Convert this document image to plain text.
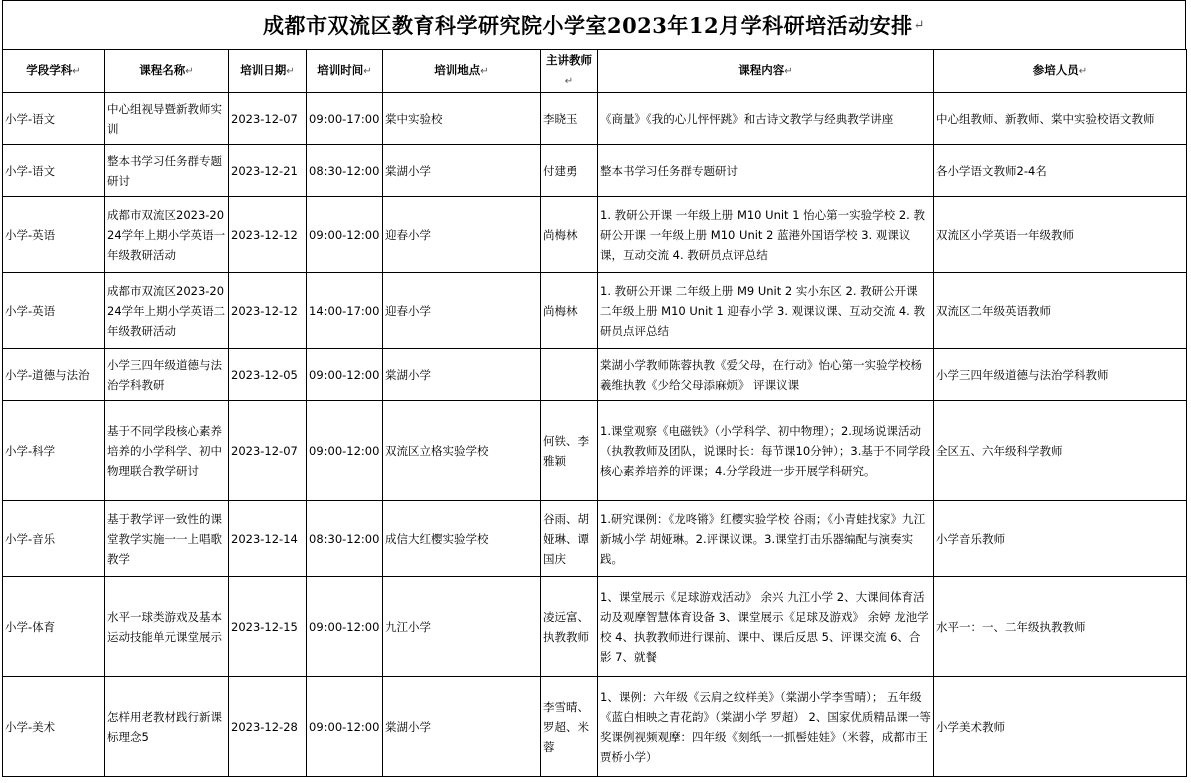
成都市双流区教育科学研究院小学室2023年12月学科研培活动安排 ↵
学段学科↵	课程名称↵	培训日期↵	培训时间↵	培训地点↵	主讲教师↵	课程内容↵	参培人员↵
小学-语文	中心组视导暨新教师实训	2023-12-07	09:00-17:00	棠中实验校	李晓玉	《商量》《我的心儿怦怦跳》和古诗文教学与经典教学讲座	中心组教师、新教师、棠中实验校语文教师
小学-语文	整本书学习任务群专题研讨	2023-12-21	08:30-12:00	棠湖小学	付建勇	整本书学习任务群专题研讨	各小学语文教师2-4名
小学-英语	成都市双流区2023-2024学年上期小学英语一年级教研活动	2023-12-12	09:00-12:00	迎春小学	尚梅林	1. 教研公开课 一年级上册 M10 Unit 1 怡心第一实验学校 2. 教研公开课 一年级上册 M10 Unit 2 蓝港外国语学校 3. 观课议课，互动交流 4. 教研员点评总结	双流区小学英语一年级教师
小学-英语	成都市双流区2023-2024学年上期小学英语二年级教研活动	2023-12-12	14:00-17:00	迎春小学	尚梅林	1. 教研公开课 二年级上册 M9 Unit 2 实小东区 2. 教研公开课 二年级上册 M10 Unit 1 迎春小学 3. 观课议课、互动交流 4. 教研员点评总结	双流区二年级英语教师
小学-道德与法治	小学三四年级道德与法治学科教研	2023-12-05	09:00-12:00	棠湖小学		棠湖小学教师陈蓉执教《爱父母，在行动》怡心第一实验学校杨羲维执教《少给父母添麻烦》 评课议课	小学三四年级道德与法治学科教师
小学-科学	基于不同学段核心素养培养的小学科学、初中物理联合教学研讨	2023-12-07	09:00-12:00	双流区立格实验学校	何铁、李雅颖	1.课堂观察《电磁铁》（小学科学、初中物理）；2.现场说课活动（执教教师及团队，说课时长：每节课10分钟）；3.基于不同学段核心素养培养的评课；4.分学段进一步开展学科研究。	全区五、六年级科学教师
小学-音乐	基于教学评一致性的课堂教学实施一一上唱歌教学	2023-12-14	08:30-12:00	成信大红樱实验学校	谷雨、胡娅琳、谭国庆	1.研究课例：《龙咚锵》红樱实验学校 谷雨；《小青蛙找家》九江新城小学 胡娅琳。2.评课议课。3.课堂打击乐器编配与演奏实践。	小学音乐教师
小学-体育	水平一球类游戏及基本运动技能单元课堂展示	2023-12-15	09:00-12:00	九江小学	凌远富、执教教师	1、课堂展示《足球游戏活动》 余兴 九江小学 2、大课间体育活动及观摩智慧体育设备 3、课堂展示《足球及游戏》 余婷 龙池学校 4、执教教师进行课前、课中、课后反思 5、评课交流 6、合影 7、就餐	水平一：一、二年级执教教师
小学-美术	怎样用老教材践行新课标理念5	2023-12-28	09:00-12:00	棠湖小学	李雪晴、罗超、米蓉	1、课例：六年级《云肩之纹样美》（棠湖小学李雪晴）； 五年级《蓝白相映之青花韵》（棠湖小学 罗超） 2、国家优质精品课一等奖课例视频观摩：四年级《刻纸一一抓髻娃娃》（米蓉，成都市王贾桥小学）	小学美术教师
